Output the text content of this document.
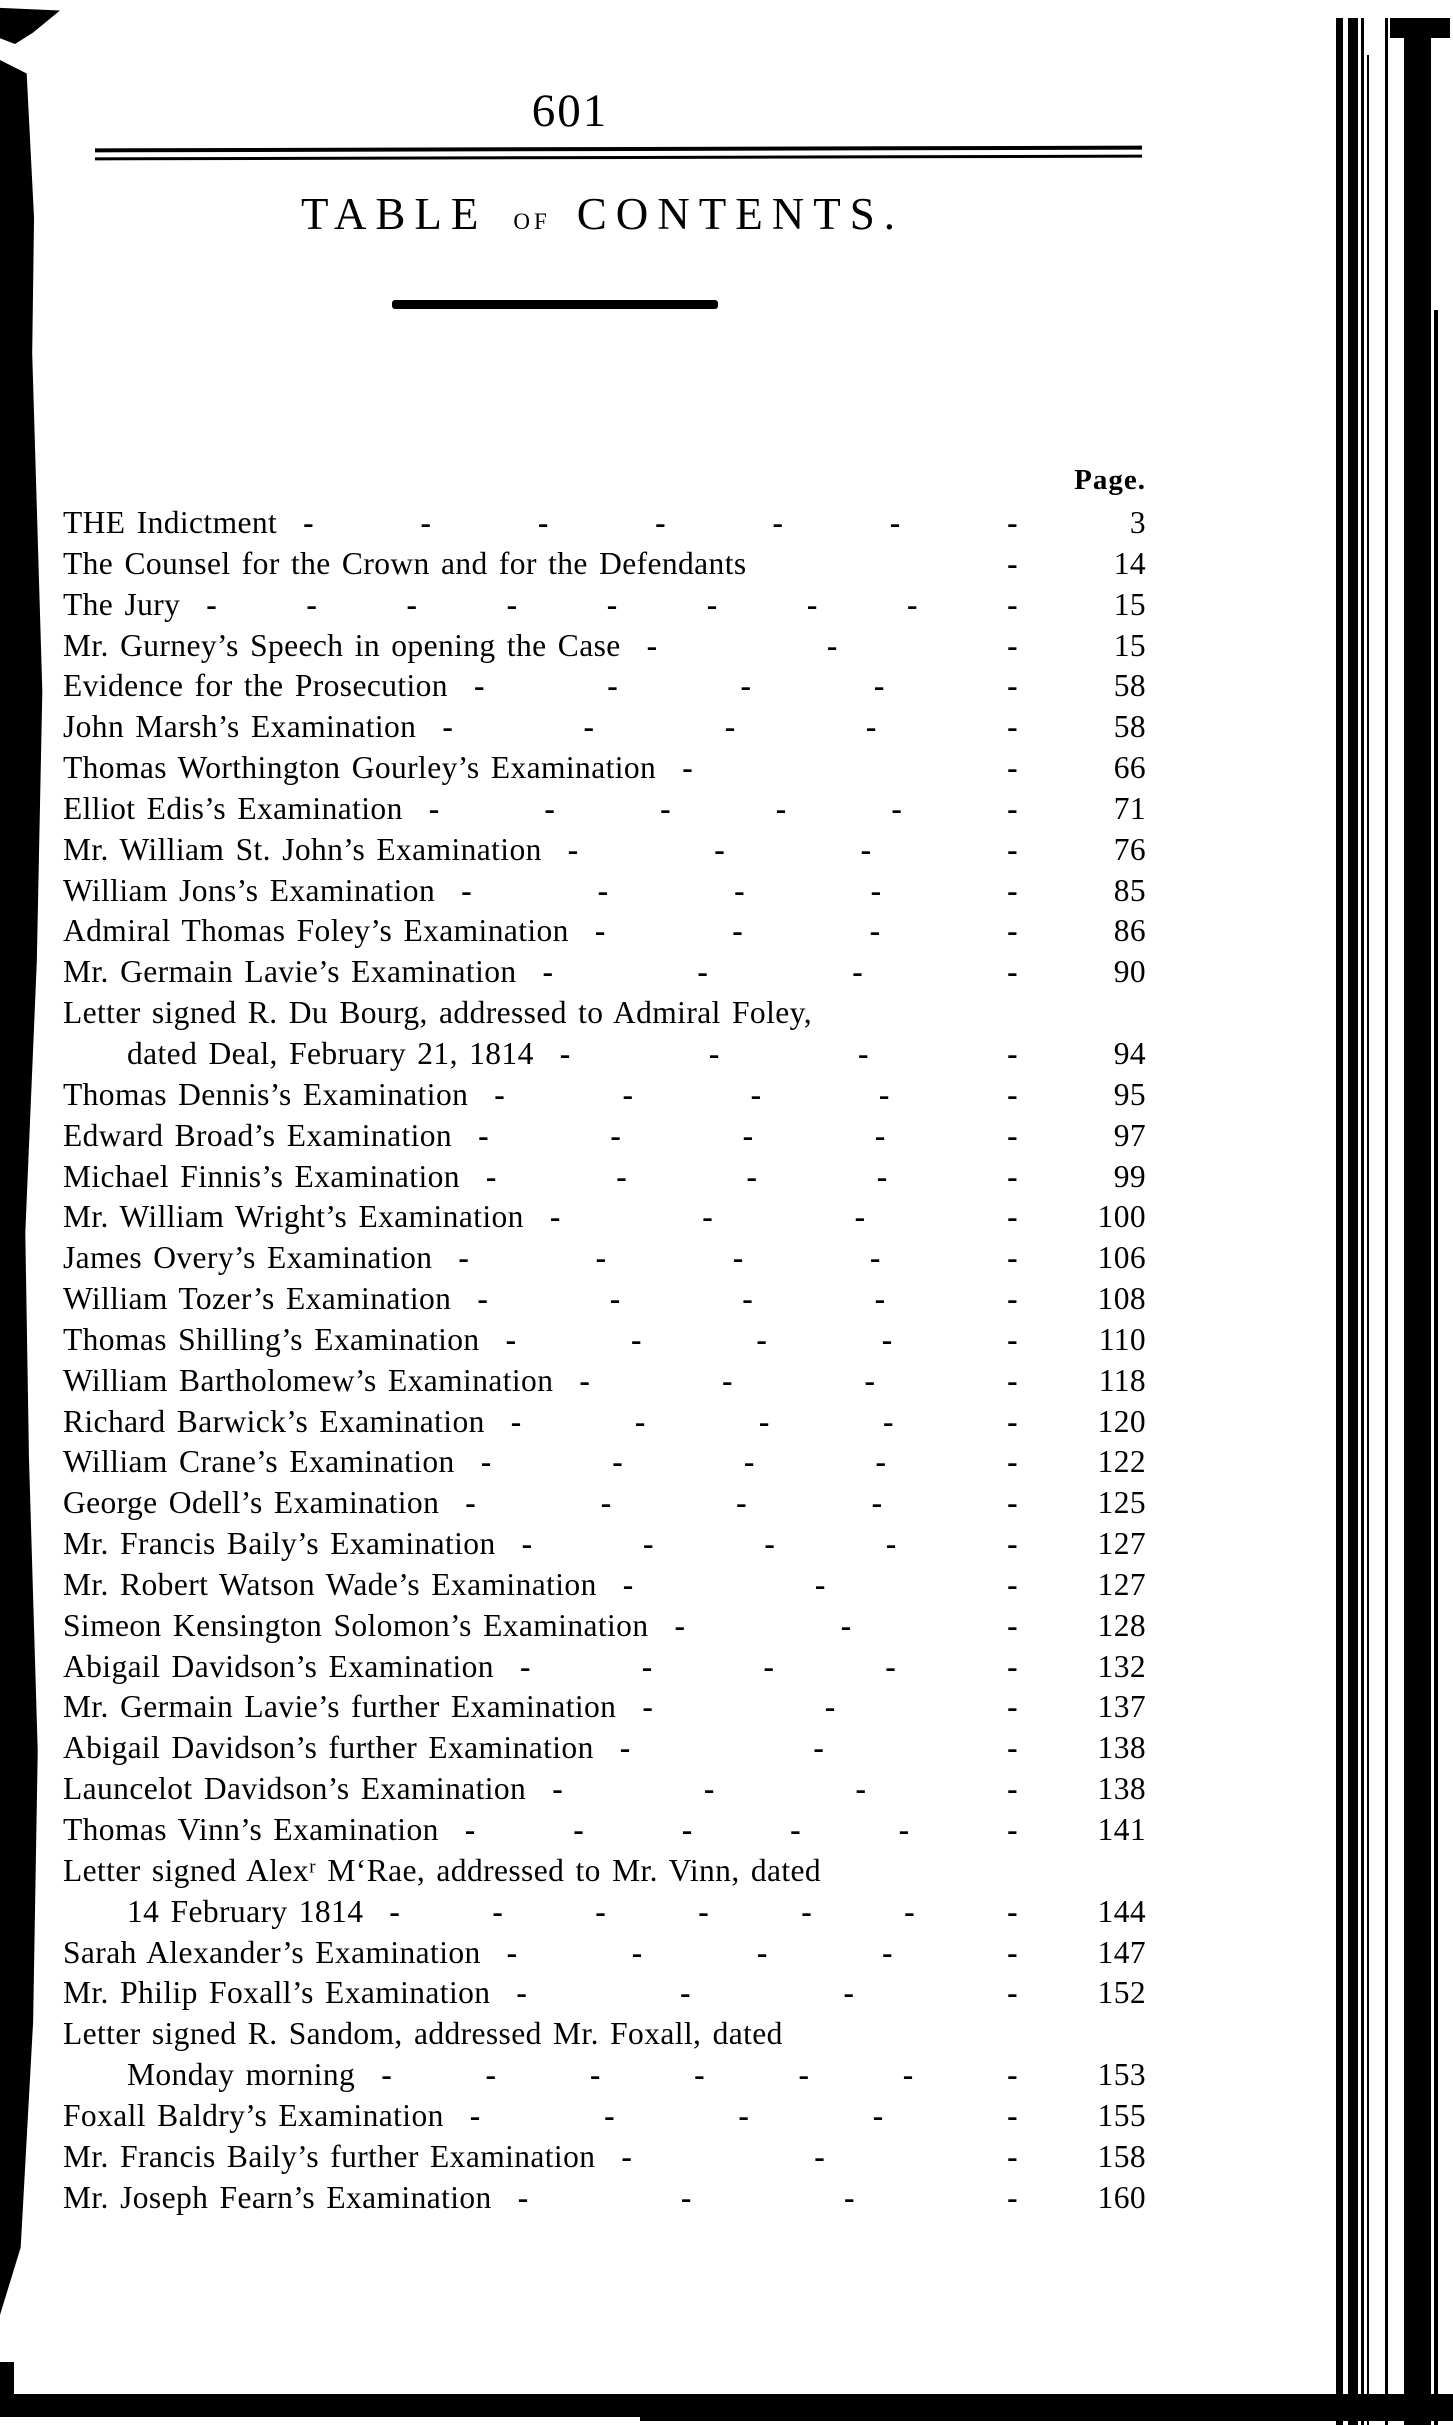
601
TABLE of CONTENTS.
Page.
THE Indictment - - - - - - -	3
The Counsel for the Crown and for the Defendants	-	14
The Jury - - - - - - - - -	15
Mr. Gurney’s Speech in opening the Case - - -	15
Evidence for the Prosecution - - - - -	58
John Marsh’s Examination - - - - -	58
Thomas Worthington Gourley’s Examination - -	66
Elliot Edis’s Examination - - - - - -	71
Mr. William St. John’s Examination - - - -	76
William Jons’s Examination - - - - -	85
Admiral Thomas Foley’s Examination - - - -	86
Mr. Germain Lavie’s Examination - - - -	90
Letter signed R. Du Bourg, addressed to Admiral Foley,
dated Deal, February 21, 1814 - - - -	94
Thomas Dennis’s Examination - - - - -	95
Edward Broad’s Examination - - - - -	97
Michael Finnis’s Examination - - - - -	99
Mr. William Wright’s Examination - - - -	100
James Overy’s Examination - - - - -	106
William Tozer’s Examination - - - - -	108
Thomas Shilling’s Examination - - - - -	110
William Bartholomew’s Examination - - - -	118
Richard Barwick’s Examination - - - - -	120
William Crane’s Examination - - - - -	122
George Odell’s Examination - - - - -	125
Mr. Francis Baily’s Examination - - - - -	127
Mr. Robert Watson Wade’s Examination - - -	127
Simeon Kensington Solomon’s Examination - - -	128
Abigail Davidson’s Examination - - - - -	132
Mr. Germain Lavie’s further Examination - - -	137
Abigail Davidson’s further Examination - - -	138
Launcelot Davidson’s Examination - - - -	138
Thomas Vinn’s Examination - - - - - -	141
Letter signed Alexʳ M‘Rae, addressed to Mr. Vinn, dated
14 February 1814 - - - - - - -	144
Sarah Alexander’s Examination - - - - -	147
Mr. Philip Foxall’s Examination - - - -	152
Letter signed R. Sandom, addressed Mr. Foxall, dated
Monday morning - - - - - - -	153
Foxall Baldry’s Examination - - - - -	155
Mr. Francis Baily’s further Examination - - -	158
Mr. Joseph Fearn’s Examination - - - -	160
